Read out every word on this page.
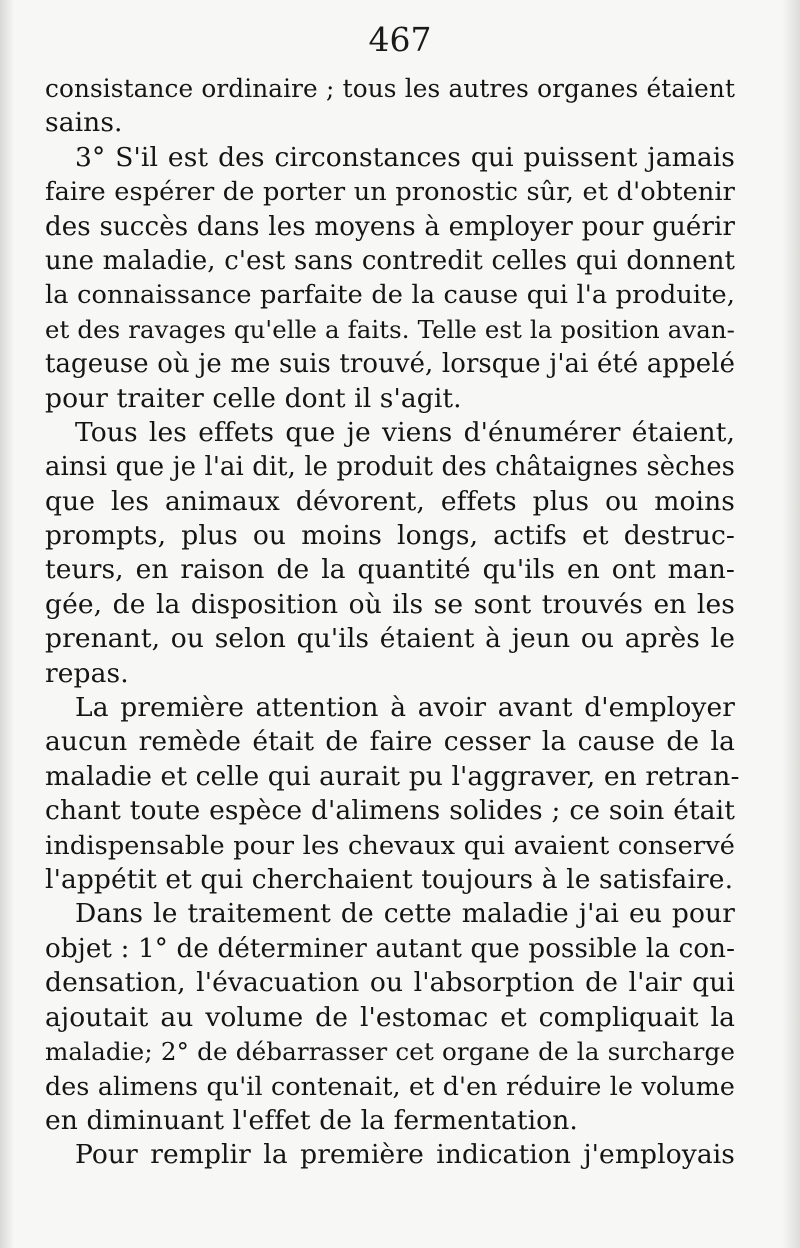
467
consistance ordinaire ; tous les autres organes étaient
sains.
3° S'il est des circonstances qui puissent jamais
faire espérer de porter un pronostic sûr, et d'obtenir
des succès dans les moyens à employer pour guérir
une maladie, c'est sans contredit celles qui donnent
la connaissance parfaite de la cause qui l'a produite,
et des ravages qu'elle a faits. Telle est la position avan-
tageuse où je me suis trouvé, lorsque j'ai été appelé
pour traiter celle dont il s'agit.
Tous les effets que je viens d'énumérer étaient,
ainsi que je l'ai dit, le produit des châtaignes sèches
que les animaux dévorent, effets plus ou moins
prompts, plus ou moins longs, actifs et destruc-
teurs, en raison de la quantité qu'ils en ont man-
gée, de la disposition où ils se sont trouvés en les
prenant, ou selon qu'ils étaient à jeun ou après le
repas.
La première attention à avoir avant d'employer
aucun remède était de faire cesser la cause de la
maladie et celle qui aurait pu l'aggraver, en retran-
chant toute espèce d'alimens solides ; ce soin était
indispensable pour les chevaux qui avaient conservé
l'appétit et qui cherchaient toujours à le satisfaire.
Dans le traitement de cette maladie j'ai eu pour
objet : 1° de déterminer autant que possible la con-
densation, l'évacuation ou l'absorption de l'air qui
ajoutait au volume de l'estomac et compliquait la
maladie; 2° de débarrasser cet organe de la surcharge
des alimens qu'il contenait, et d'en réduire le volume
en diminuant l'effet de la fermentation.
Pour remplir la première indication j'employais
